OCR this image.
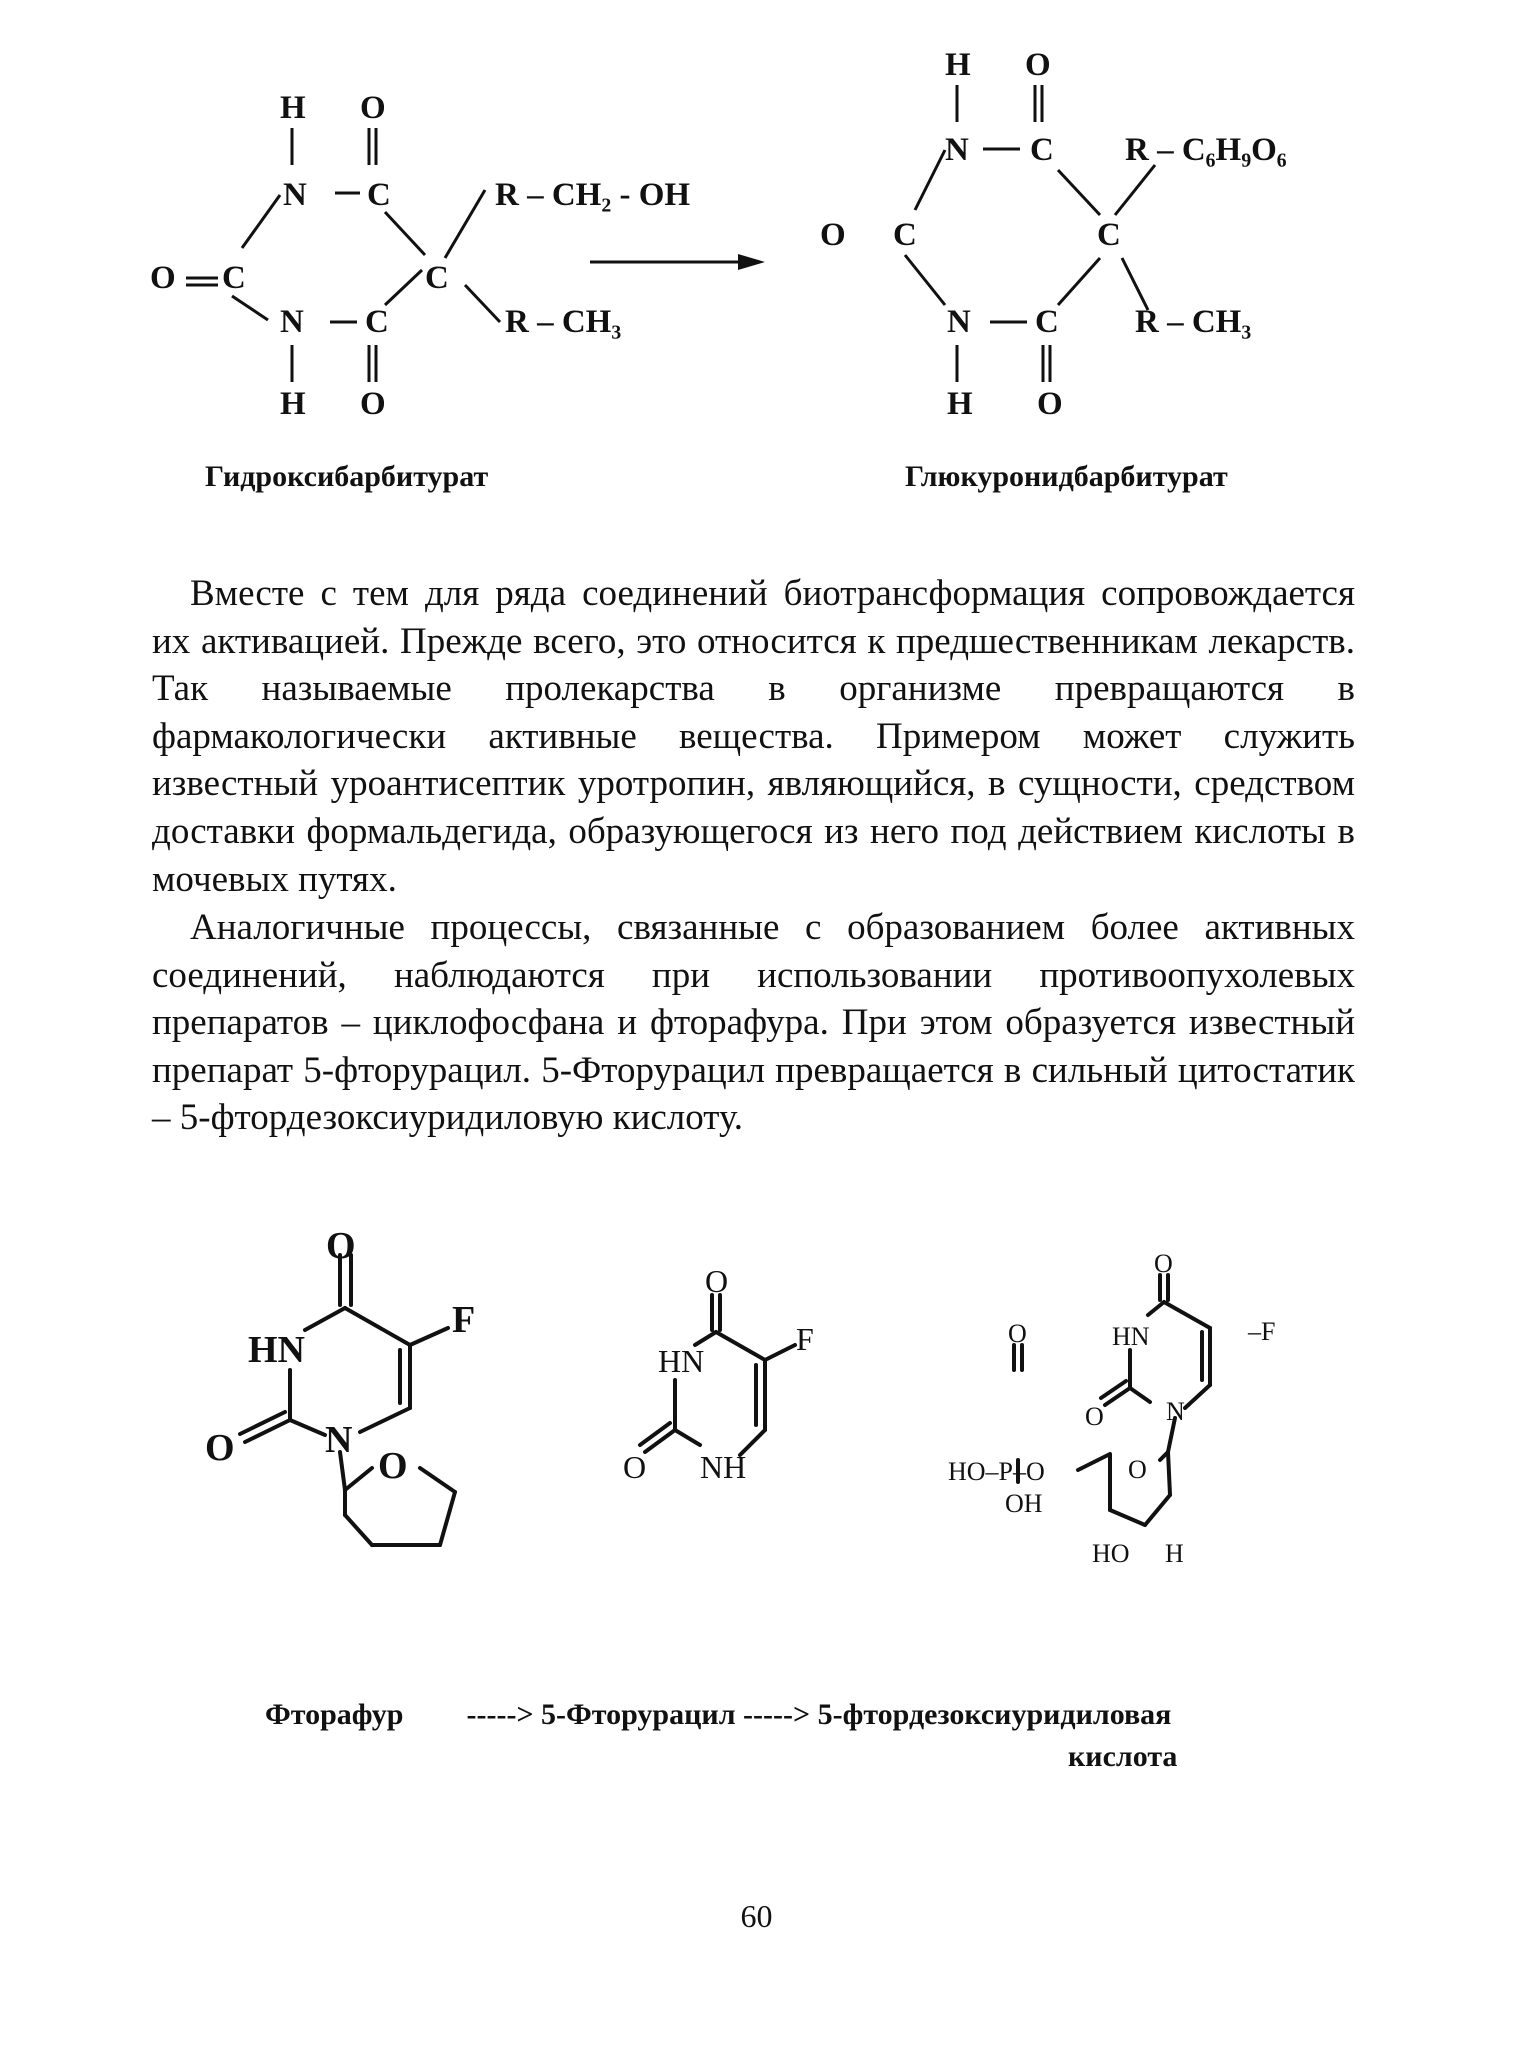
H O
N C
O C	C
N C
H O
R – CH₂ - OH
R – CH₃
H O
N C
O C	C
N C
H O
R – C₆H₉O₆
R – CH₃
Гидроксибарбитурат	Глюкуронидбарбитурат

Вместе с тем для ряда соединений биотрансформация сопровождается их активацией. Прежде всего, это относится к предшественникам лекарств. Так называемые пролекарства в организме превращаются в фармакологически активные вещества. Примером может служить известный уроантисептик уротропин, являющийся, в сущности, средством доставки формальдегида, образующегося из него под действием кислоты в мочевых путях.

Аналогичные процессы, связанные с образованием более активных соединений, наблюдаются при использовании противоопухолевых препаратов – циклофосфана и фторафура. При этом образуется известный препарат 5-фторурацил. 5-Фторурацил превращается в сильный цитостатик – 5-фтордезоксиуридиловую кислоту.

O
F
HN
O N
O
O
F
HN
O NH
O
–F
HN
O N
O
HO–P–O
OH
O
HO H
Фторафур -----> 5-Фторурацил -----> 5-фтордезоксиуридиловая
кислота
60
